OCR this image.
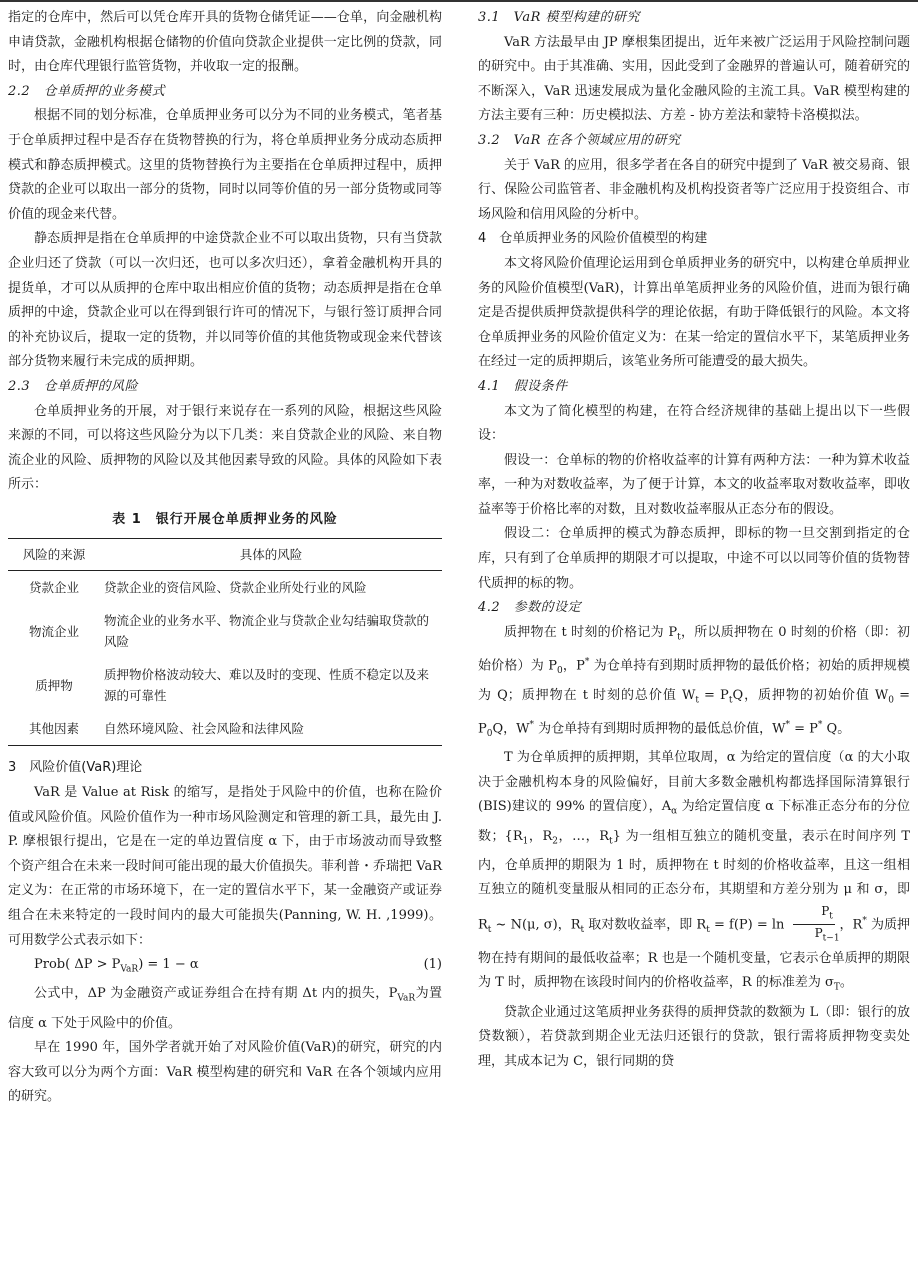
指定的仓库中，然后可以凭仓库开具的货物仓储凭证——仓单，向金融机构申请贷款，金融机构根据仓储物的价值向贷款企业提供一定比例的贷款，同时，由仓库代理银行监管货物，并收取一定的报酬。

2.2　仓单质押的业务模式

根据不同的划分标准，仓单质押业务可以分为不同的业务模式，笔者基于仓单质押过程中是否存在货物替换的行为，将仓单质押业务分成动态质押模式和静态质押模式。这里的货物替换行为主要指在仓单质押过程中，质押贷款的企业可以取出一部分的货物，同时以同等价值的另一部分货物或同等价值的现金来代替。

静态质押是指在仓单质押的中途贷款企业不可以取出货物，只有当贷款企业归还了贷款（可以一次归还，也可以多次归还），拿着金融机构开具的提货单，才可以从质押的仓库中取出相应价值的货物；动态质押是指在仓单质押的中途，贷款企业可以在得到银行许可的情况下，与银行签订质押合同的补充协议后，提取一定的货物，并以同等价值的其他货物或现金来代替该部分货物来履行未完成的质押期。

2.3　仓单质押的风险

仓单质押业务的开展，对于银行来说存在一系列的风险，根据这些风险来源的不同，可以将这些风险分为以下几类：来自贷款企业的风险、来自物流企业的风险、质押物的风险以及其他因素导致的风险。具体的风险如下表所示：

表 1　银行开展仓单质押业务的风险
风险的来源	具体的风险
贷款企业	贷款企业的资信风险、贷款企业所处行业的风险
物流企业	物流企业的业务水平、物流企业与贷款企业勾结骗取贷款的风险
质押物	质押物价格波动较大、难以及时的变现、性质不稳定以及来源的可靠性
其他因素	自然环境风险、社会风险和法律风险
3　风险价值(VaR)理论

VaR 是 Value at Risk 的缩写，是指处于风险中的价值，也称在险价值或风险价值。风险价值作为一种市场风险测定和管理的新工具，最先由 J. P. 摩根银行提出，它是在一定的单边置信度 α 下，由于市场波动而导致整个资产组合在未来一段时间可能出现的最大价值损失。菲利普・乔瑞把 VaR 定义为：在正常的市场环境下，在一定的置信水平下，某一金融资产或证券组合在未来特定的一段时间内的最大可能损失(Panning, W. H. ,1999)。可用数学公式表示如下：

Prob( $\Delta P > P_{VaR}) = 1 - \alpha$	(1)

公式中，ΔP 为金融资产或证券组合在持有期 Δt 内的损失，$P_{VaR}$为置信度 α 下处于风险中的价值。

早在 1990 年，国外学者就开始了对风险价值(VaR)的研究，研究的内容大致可以分为两个方面：VaR 模型构建的研究和 VaR 在各个领域内应用的研究。

3.1　VaR 模型构建的研究

VaR 方法最早由 JP 摩根集团提出，近年来被广泛运用于风险控制问题的研究中。由于其准确、实用，因此受到了金融界的普遍认可，随着研究的不断深入，VaR 迅速发展成为量化金融风险的主流工具。VaR 模型构建的方法主要有三种：历史模拟法、方差 - 协方差法和蒙特卡洛模拟法。

3.2　VaR 在各个领域应用的研究

关于 VaR 的应用，很多学者在各自的研究中提到了 VaR 被交易商、银行、保险公司监管者、非金融机构及机构投资者等广泛应用于投资组合、市场风险和信用风险的分析中。

4　仓单质押业务的风险价值模型的构建

本文将风险价值理论运用到仓单质押业务的研究中，以构建仓单质押业务的风险价值模型(VaR)，计算出单笔质押业务的风险价值，进而为银行确定是否提供质押贷款提供科学的理论依据，有助于降低银行的风险。本文将仓单质押业务的风险价值定义为：在某一给定的置信水平下，某笔质押业务在经过一定的质押期后，该笔业务所可能遭受的最大损失。

4.1　假设条件

本文为了简化模型的构建，在符合经济规律的基础上提出以下一些假设：

假设一：仓单标的物的价格收益率的计算有两种方法：一种为算术收益率，一种为对数收益率，为了便于计算，本文的收益率取对数收益率，即收益率等于价格比率的对数，且对数收益率服从正态分布的假设。

假设二：仓单质押的模式为静态质押，即标的物一旦交割到指定的仓库，只有到了仓单质押的期限才可以提取，中途不可以以同等价值的货物替代质押的标的物。

4.2　参数的设定

质押物在 t 时刻的价格记为 $P_t$，所以质押物在 0 时刻的价格（即：初始价格）为 $P_0$，P* 为仓单持有到期时质押物的最低价格；初始的质押规模为 Q；质押物在 t 时刻的总价值 $W_t = P_tQ$，质押物的初始价值 $W_0 = P_0Q$，W* 为仓单持有到期时质押物的最低总价值，W* = P* Q。

T 为仓单质押的质押期，其单位取周，α 为给定的置信度（α 的大小取决于金融机构本身的风险偏好，目前大多数金融机构都选择国际清算银行(BIS)建议的 99% 的置信度），$A_\alpha$ 为给定置信度 α 下标准正态分布的分位数；{$R_1$，$R_2$，…，$R_t$} 为一组相互独立的随机变量，表示在时间序列 T 内，仓单质押的期限为 1 时，质押物在 t 时刻的价格收益率，且这一组相互独立的随机变量服从相同的正态分布，其期望和方差分别为 μ 和 σ，即 $R_t$ ~ N(μ, σ)，$R_t$ 取对数收益率，即 $R_t = f(P) = \ln \frac{P_t}{P_{t-1}}$ ，R* 为质押物在持有期间的最低收益率；R 也是一个随机变量，它表示仓单质押的期限为 T 时，质押物在该段时间内的价格收益率，R 的标准差为 $\sigma_T$。

贷款企业通过这笔质押业务获得的质押贷款的数额为 L（即：银行的放贷数额），若贷款到期企业无法归还银行的贷款，银行需将质押物变卖处理，其成本记为 C，银行同期的贷
